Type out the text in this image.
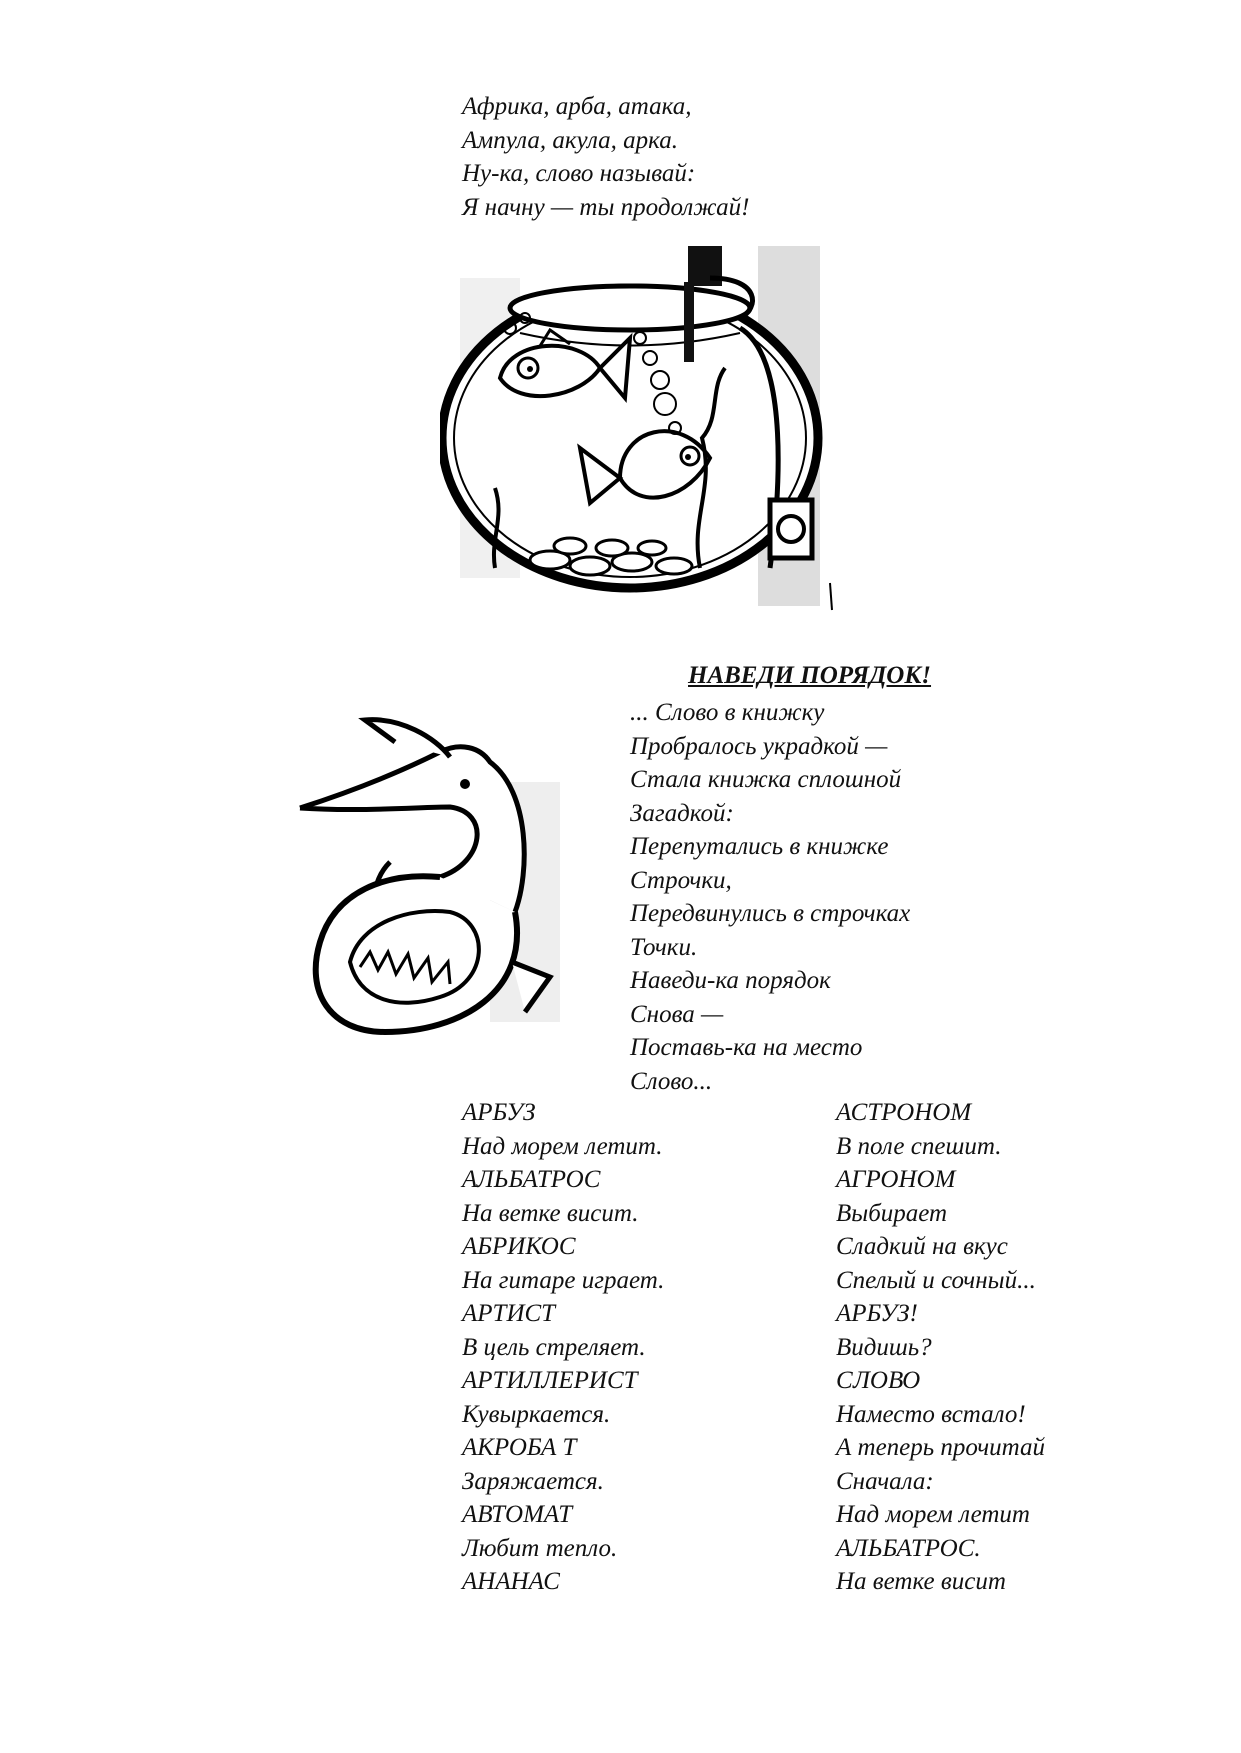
Африка, арба, атака,
Ампула, акула, арка.
Ну-ка, слово называй:
Я начну — ты продолжай!
НАВЕДИ ПОРЯДОК!
... Слово в книжку
Пробралось украдкой —
Стала книжка сплошной
Загадкой:
Перепутались в книжке
Строчки,
Передвинулись в строчках
Точки.
Наведи-ка порядок
Снова —
Поставь-ка на место
Слово...
АРБУЗ
Над морем летит.
АЛЬБАТРОС
На ветке висит.
АБРИКОС
На гитаре играет.
АРТИСТ
В цель стреляет.
АРТИЛЛЕРИСТ
Кувыркается.
АКРОБА Т
Заряжается.
АВТОМАТ
Любит тепло.
АНАНАС
АСТРОНОМ
В поле спешит.
АГРОНОМ
Выбирает
Сладкий на вкус
Спелый и сочный...
АРБУЗ!
Видишь?
СЛОВО
Наместо встало!
А теперь прочитай
Сначала:
Над морем летит
АЛЬБАТРОС.
На ветке висит
